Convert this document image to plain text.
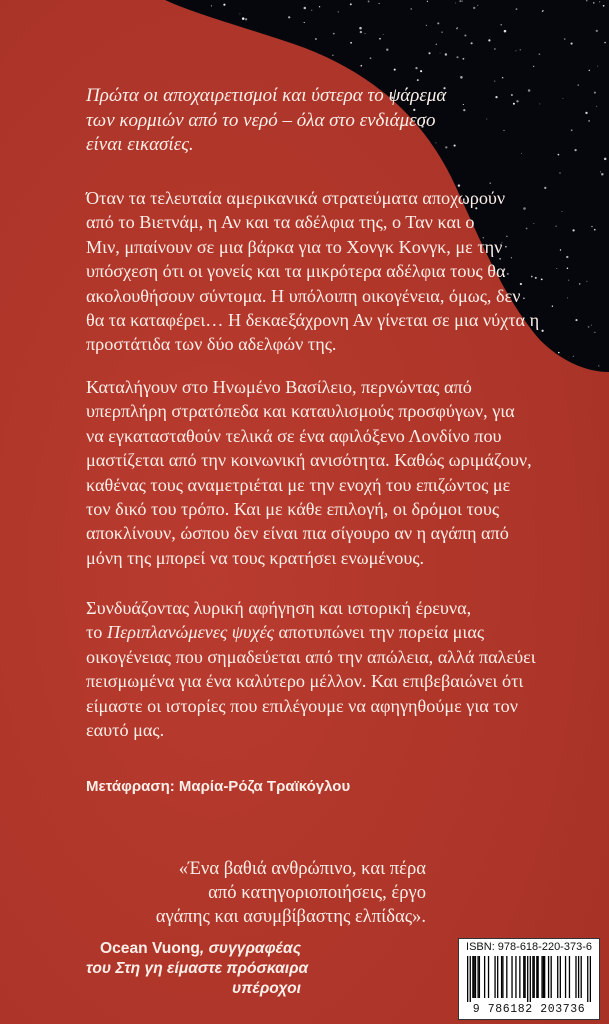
Πρώτα οι αποχαιρετισμοί και ύστερα το ψάρεμα
των κορμιών από το νερό – όλα στο ενδιάμεσο
είναι εικασίες.
Όταν τα τελευταία αμερικανικά στρατεύματα αποχωρούν
από το Βιετνάμ, η Αν και τα αδέλφια της, ο Ταν και ο
Μιν, μπαίνουν σε μια βάρκα για το Χονγκ Κονγκ, με την
υπόσχεση ότι οι γονείς και τα μικρότερα αδέλφια τους θα
ακολουθήσουν σύντομα. Η υπόλοιπη οικογένεια, όμως, δεν
θα τα καταφέρει… Η δεκαεξάχρονη Αν γίνεται σε μια νύχτα η
προστάτιδα των δύο αδελφών της.
Καταλήγουν στο Ηνωμένο Βασίλειο, περνώντας από
υπερπλήρη στρατόπεδα και καταυλισμούς προσφύγων, για
να εγκατασταθούν τελικά σε ένα αφιλόξενο Λονδίνο που
μαστίζεται από την κοινωνική ανισότητα. Καθώς ωριμάζουν,
καθένας τους αναμετριέται με την ενοχή του επιζώντος με
τον δικό του τρόπο. Και με κάθε επιλογή, οι δρόμοι τους
αποκλίνουν, ώσπου δεν είναι πια σίγουρο αν η αγάπη από
μόνη της μπορεί να τους κρατήσει ενωμένους.
Συνδυάζοντας λυρική αφήγηση και ιστορική έρευνα,
το Περιπλανώμενες ψυχές αποτυπώνει την πορεία μιας
οικογένειας που σημαδεύεται από την απώλεια, αλλά παλεύει
πεισμωμένα για ένα καλύτερο μέλλον. Και επιβεβαιώνει ότι
είμαστε οι ιστορίες που επιλέγουμε να αφηγηθούμε για τον
εαυτό μας.

Μετάφραση: Μαρία-Ρόζα Τραϊκόγλου

«Ένα βαθιά ανθρώπινο, και πέρα
από κατηγοριοποιήσεις, έργο
αγάπης και ασυμβίβαστης ελπίδας».
Ocean Vuong, συγγραφέας
του Στη γη είμαστε πρόσκαιρα
υπέροχοι
ISBN: 978-618-220-373-6
9 786182 203736
